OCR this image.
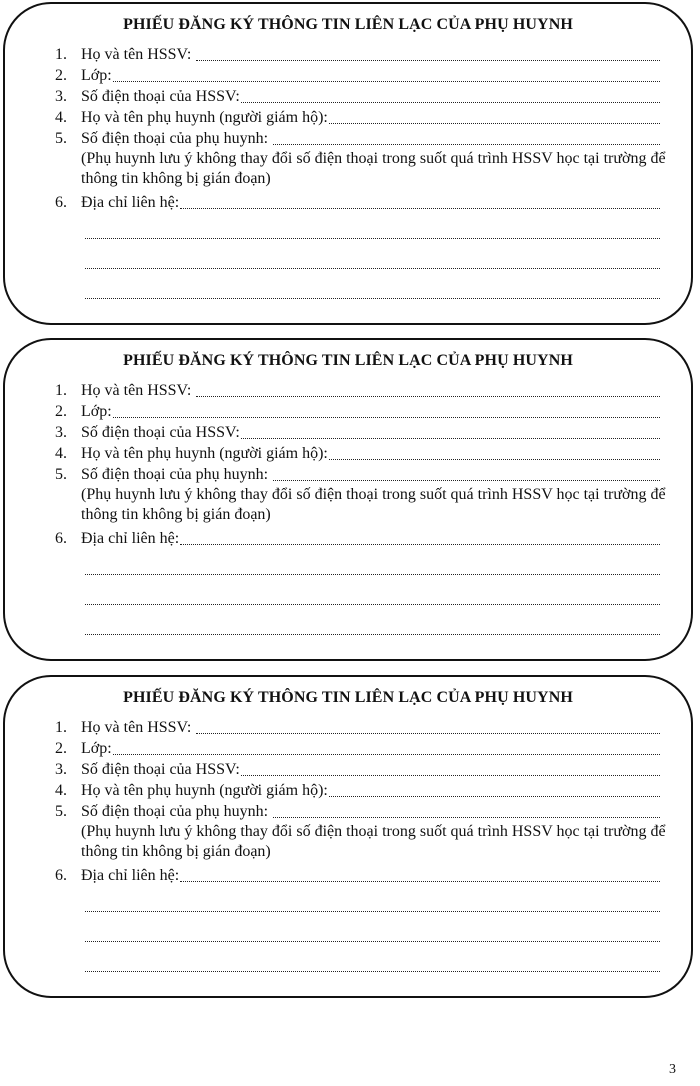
PHIẾU ĐĂNG KÝ THÔNG TIN LIÊN LẠC CỦA PHỤ HUYNH
1. Họ và tên HSSV:
2. Lớp:
3. Số điện thoại của HSSV:
4. Họ và tên phụ huynh (người giám hộ):
5. Số điện thoại của phụ huynh:
6. Địa chỉ liên hệ:
(Phụ huynh lưu ý không thay đổi số điện thoại trong suốt quá trình HSSV học tại trường để thông tin không bị gián đoạn)
PHIẾU ĐĂNG KÝ THÔNG TIN LIÊN LẠC CỦA PHỤ HUYNH
1. Họ và tên HSSV:
2. Lớp:
3. Số điện thoại của HSSV:
4. Họ và tên phụ huynh (người giám hộ):
5. Số điện thoại của phụ huynh:
6. Địa chỉ liên hệ:
(Phụ huynh lưu ý không thay đổi số điện thoại trong suốt quá trình HSSV học tại trường để thông tin không bị gián đoạn)
PHIẾU ĐĂNG KÝ THÔNG TIN LIÊN LẠC CỦA PHỤ HUYNH
1. Họ và tên HSSV:
2. Lớp:
3. Số điện thoại của HSSV:
4. Họ và tên phụ huynh (người giám hộ):
5. Số điện thoại của phụ huynh:
6. Địa chỉ liên hệ:
(Phụ huynh lưu ý không thay đổi số điện thoại trong suốt quá trình HSSV học tại trường để thông tin không bị gián đoạn)
3
